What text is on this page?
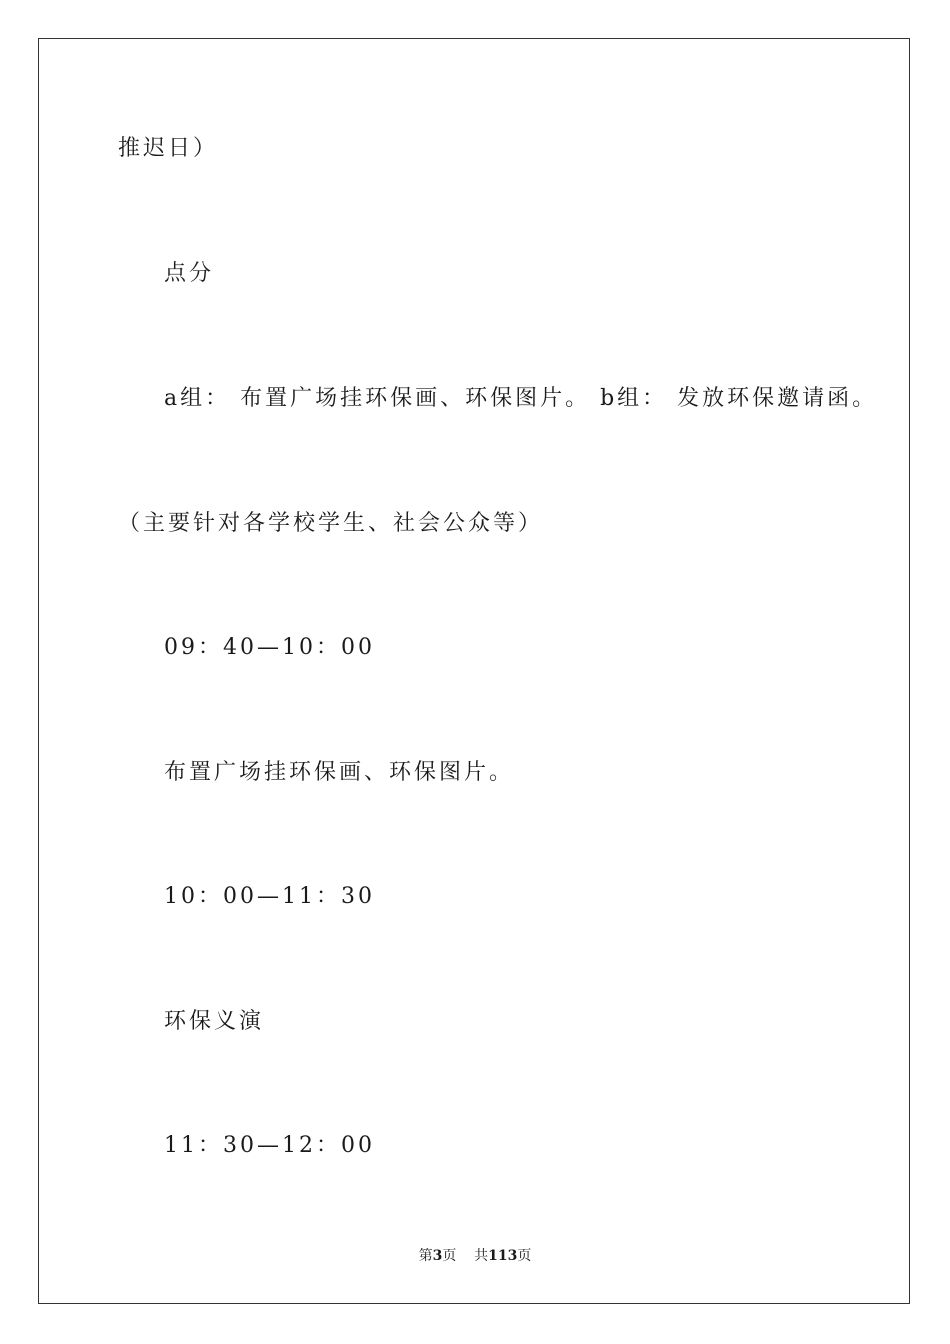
推迟日）
点分
a组： 布置广场挂环保画、环保图片。 b组： 发放环保邀请函。
（主要针对各学校学生、社会公众等）
09：40—10：00
布置广场挂环保画、环保图片。
10：00—11：30
环保义演
11：30—12：00
第3页    共113页
